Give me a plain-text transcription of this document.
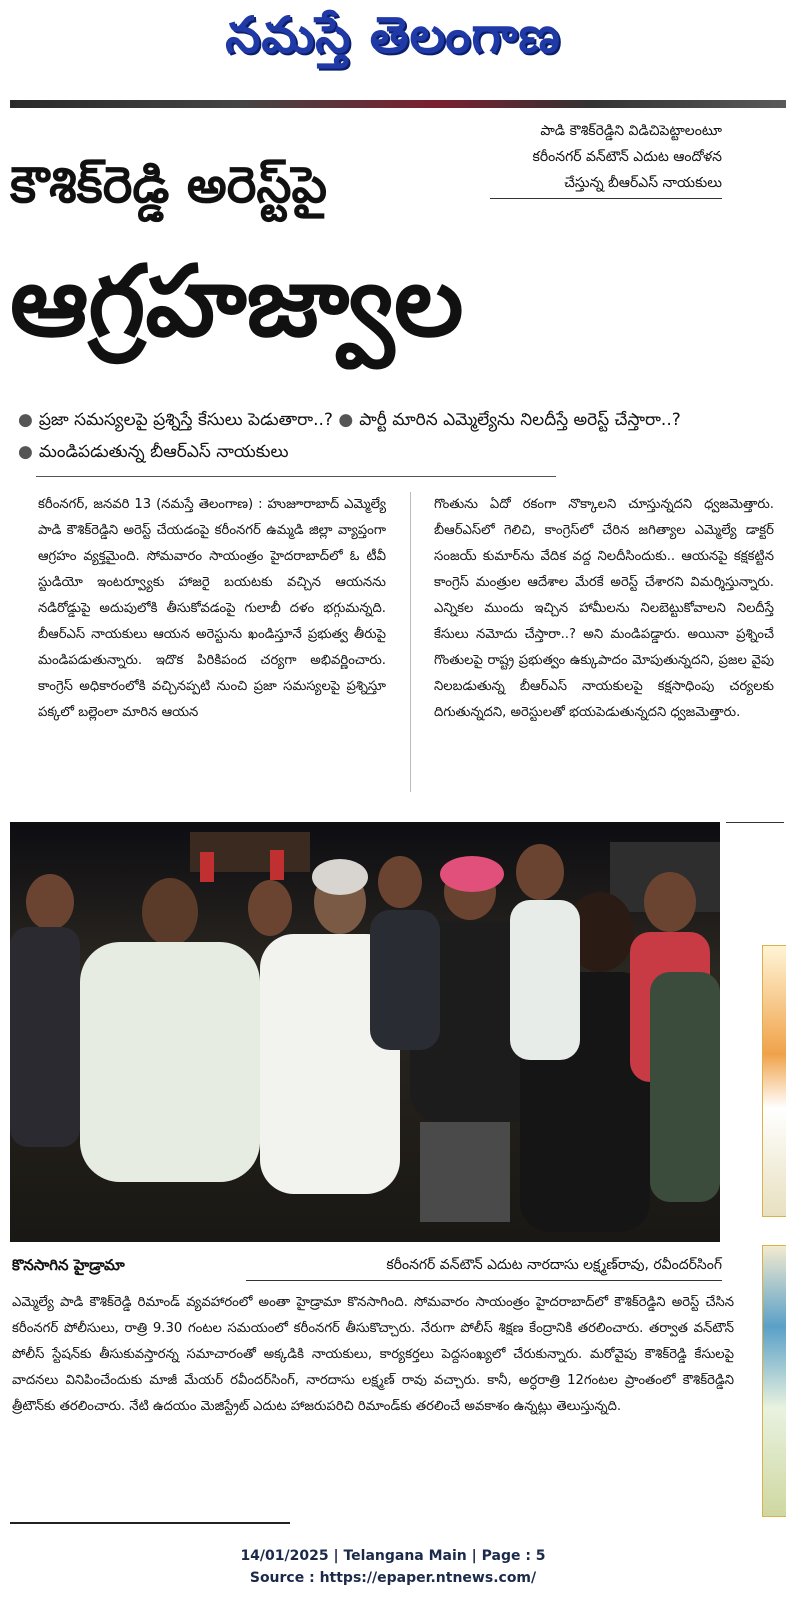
నమస్తే తెలంగాణ
పాడి కౌశిక్‌రెడ్డిని విడిచిపెట్టాలంటూ కరీంనగర్ వన్‌టౌన్ ఎదుట ఆందోళన చేస్తున్న బీఆర్‌ఎస్ నాయకులు
కౌశిక్‌రెడ్డి అరెస్ట్‌పై
ఆగ్రహజ్వాల
● ప్రజా సమస్యలపై ప్రశ్నిస్తే కేసులు పెడుతారా..? ● పార్టీ మారిన ఎమ్మెల్యేను నిలదీస్తే అరెస్ట్ చేస్తారా..? ● మండిపడుతున్న బీఆర్‌ఎస్ నాయకులు
కరీంనగర్, జనవరి 13 (నమస్తే తెలంగాణ) : హుజూరాబాద్ ఎమ్మెల్యే పాడి కౌశిక్‌రెడ్డిని అరెస్ట్ చేయడంపై కరీంనగర్ ఉమ్మడి జిల్లా వ్యాప్తంగా ఆగ్రహం వ్యక్తమైంది. సోమవారం సాయంత్రం హైదరాబాద్‌లో ఓ టీవీ స్టుడియో ఇంటర్వ్యూకు హాజరై బయటకు వచ్చిన ఆయనను నడిరోడ్డుపై అదుపులోకి తీసుకోవడంపై గులాబీ దళం భగ్గుమన్నది. బీఆర్‌ఎస్ నాయకులు ఆయన అరెస్టును ఖండిస్తూనే ప్రభుత్వ తీరుపై మండిపడుతున్నారు. ఇదొక పిరికిపంద చర్యగా అభివర్ణించారు. కాంగ్రెస్ అధికారంలోకి వచ్చినప్పటి నుంచి ప్రజా సమస్యలపై ప్రశ్నిస్తూ పక్కలో బల్లెంలా మారిన ఆయన
గొంతును ఏదో రకంగా నొక్కాలని చూస్తున్నదని ధ్వజమెత్తారు. బీఆర్‌ఎస్‌లో గెలిచి, కాంగ్రెస్‌లో చేరిన జగిత్యాల ఎమ్మెల్యే డాక్టర్ సంజయ్ కుమార్‌ను వేదిక వద్ద నిలదీసిందుకు.. ఆయనపై కక్షకట్టిన కాంగ్రెస్ మంత్రుల ఆదేశాల మేరకే అరెస్ట్ చేశారని విమర్శిస్తున్నారు. ఎన్నికల ముందు ఇచ్చిన హామీలను నిలబెట్టుకోవాలని నిలదీస్తే కేసులు నమోదు చేస్తారా..? అని మండిపడ్డారు. అయినా ప్రశ్నించే గొంతులపై రాష్ట్ర ప్రభుత్వం ఉక్కుపాదం మోపుతున్నదని, ప్రజల వైపు నిలబడుతున్న బీఆర్‌ఎస్ నాయకులపై కక్షసాధింపు చర్యలకు దిగుతున్నదని, అరెస్టులతో భయపెడుతున్నదని ధ్వజమెత్తారు.
కొనసాగిన హైడ్రామా	కరీంనగర్ వన్‌టౌన్ ఎదుట నారదాసు లక్ష్మణ్‌రావు, రవీందర్‌సింగ్
ఎమ్మెల్యే పాడి కౌశిక్‌రెడ్డి రిమాండ్ వ్యవహారంలో అంతా హైడ్రామా కొనసాగింది. సోమవారం సాయంత్రం హైదరాబాద్‌లో కౌశిక్‌రెడ్డిని అరెస్ట్ చేసిన కరీంనగర్ పోలీసులు, రాత్రి 9.30 గంటల సమయంలో కరీంనగర్ తీసుకొచ్చారు. నేరుగా పోలీస్ శిక్షణ కేంద్రానికి తరలించారు. తర్వాత వన్‌టౌన్ పోలీస్ స్టేషన్‌కు తీసుకువస్తారన్న సమాచారంతో అక్కడికి నాయకులు, కార్యకర్తలు పెద్దసంఖ్యలో చేరుకున్నారు. మరోవైపు కౌశిక్‌రెడ్డి కేసులపై వాదనలు వినిపించేందుకు మాజీ మేయర్ రవీందర్‌సింగ్, నారదాసు లక్ష్మణ్ రావు వచ్చారు. కానీ, అర్ధరాత్రి 12గంటల ప్రాంతంలో కౌశిక్‌రెడ్డిని త్రీటౌన్‌కు తరలించారు. నేటి ఉదయం మెజిస్ట్రేట్ ఎదుట హాజరుపరిచి రిమాండ్‌కు తరలించే అవకాశం ఉన్నట్లు తెలుస్తున్నది.
14/01/2025 | Telangana Main | Page : 5
Source : https://epaper.ntnews.com/
